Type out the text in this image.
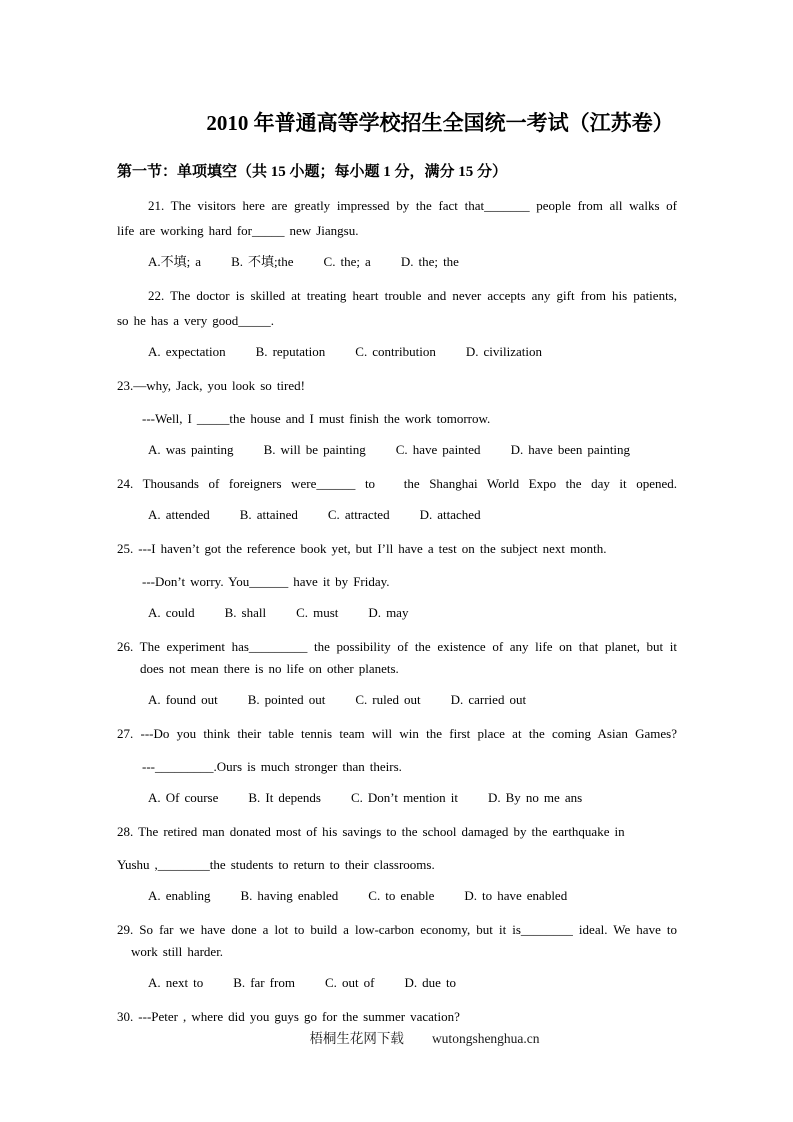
2010 年普通高等学校招生全国统一考试（江苏卷）
第一节：单项填空（共 15 小题；每小题 1 分，满分 15 分）
21. The visitors here are greatly impressed by the fact that_______ people from all walks of
life are working hard for_____ new Jiangsu.
A.不填; a B. 不填;the C. the; a D. the; the
22. The doctor is skilled at treating heart trouble and never accepts any gift from his patients,
so he has a very good_____.
A. expectation B. reputation C. contribution D. civilization
23.—why, Jack, you look so tired!
---Well, I _____the house and I must finish the work tomorrow.
A. was painting B. will be painting C. have painted D. have been painting
24. Thousands of foreigners were______ to   the Shanghai World Expo the day it opened.
A. attended B. attained C. attracted D. attached
25. ---I haven’t got the reference book yet, but I’ll have a test on the subject next month.
---Don’t worry. You______ have it by Friday.
A. could B. shall C. must D. may
26. The experiment has_________ the possibility of the existence of any life on that planet, but it
does not mean there is no life on other planets.
A. found out B. pointed out C. ruled out D. carried out
27. ---Do you think their table tennis team will win the first place at the coming Asian Games?
---_________.Ours is much stronger than theirs.
A. Of course B. It depends C. Don’t mention it D. By no me ans
28. The retired man donated most of his savings to the school damaged by the earthquake in
Yushu ,________the students to return to their classrooms.
A. enabling B. having enabled C. to enable D. to have enabled
29. So far we have done a lot to build a low-carbon economy, but it is________ ideal. We have to
work still harder.
A. next to B. far from C. out of D. due to
30. ---Peter , where did you guys go for the summer vacation?
梧桐生花网下载 wutongshenghua.cn
